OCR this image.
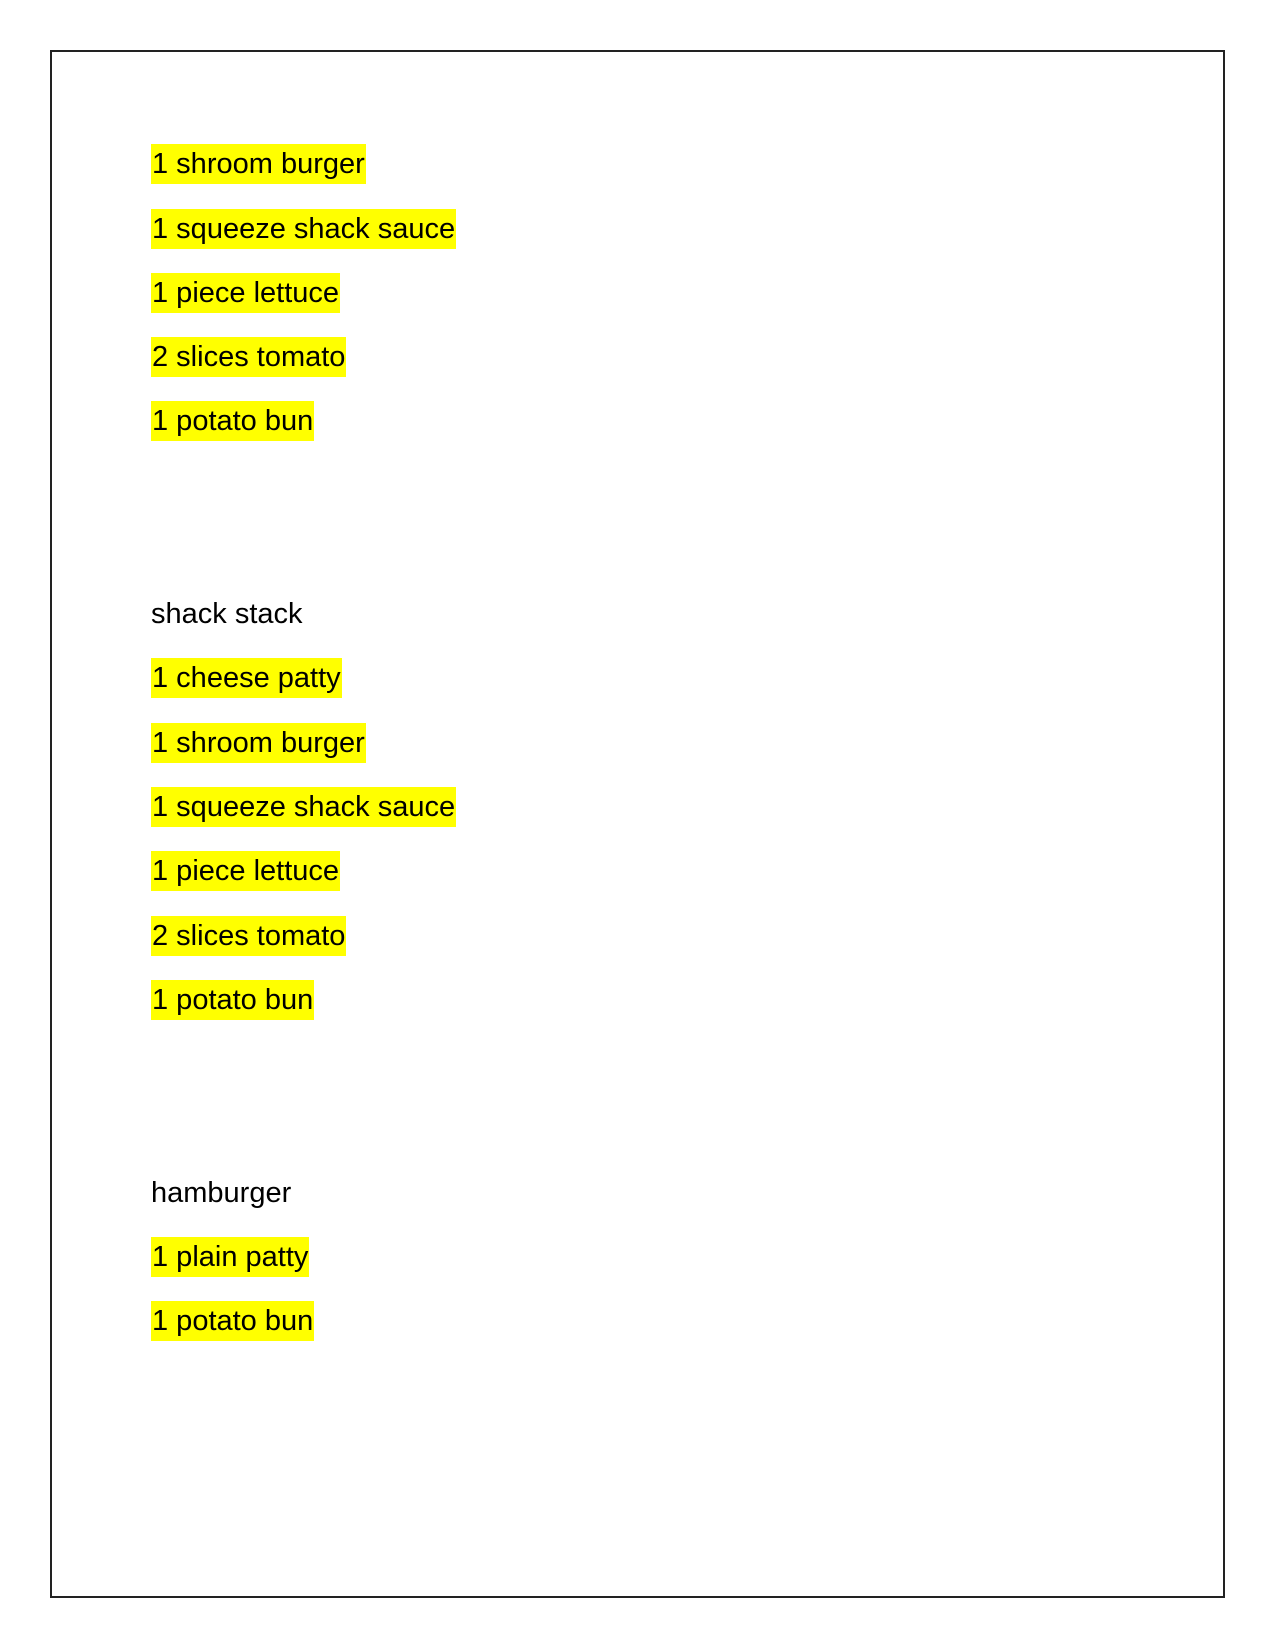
1 shroom burger
1 squeeze shack sauce
1 piece lettuce
2 slices tomato
1 potato bun
shack stack
1 cheese patty
1 shroom burger
1 squeeze shack sauce
1 piece lettuce
2 slices tomato
1 potato bun
hamburger
1 plain patty
1 potato bun
